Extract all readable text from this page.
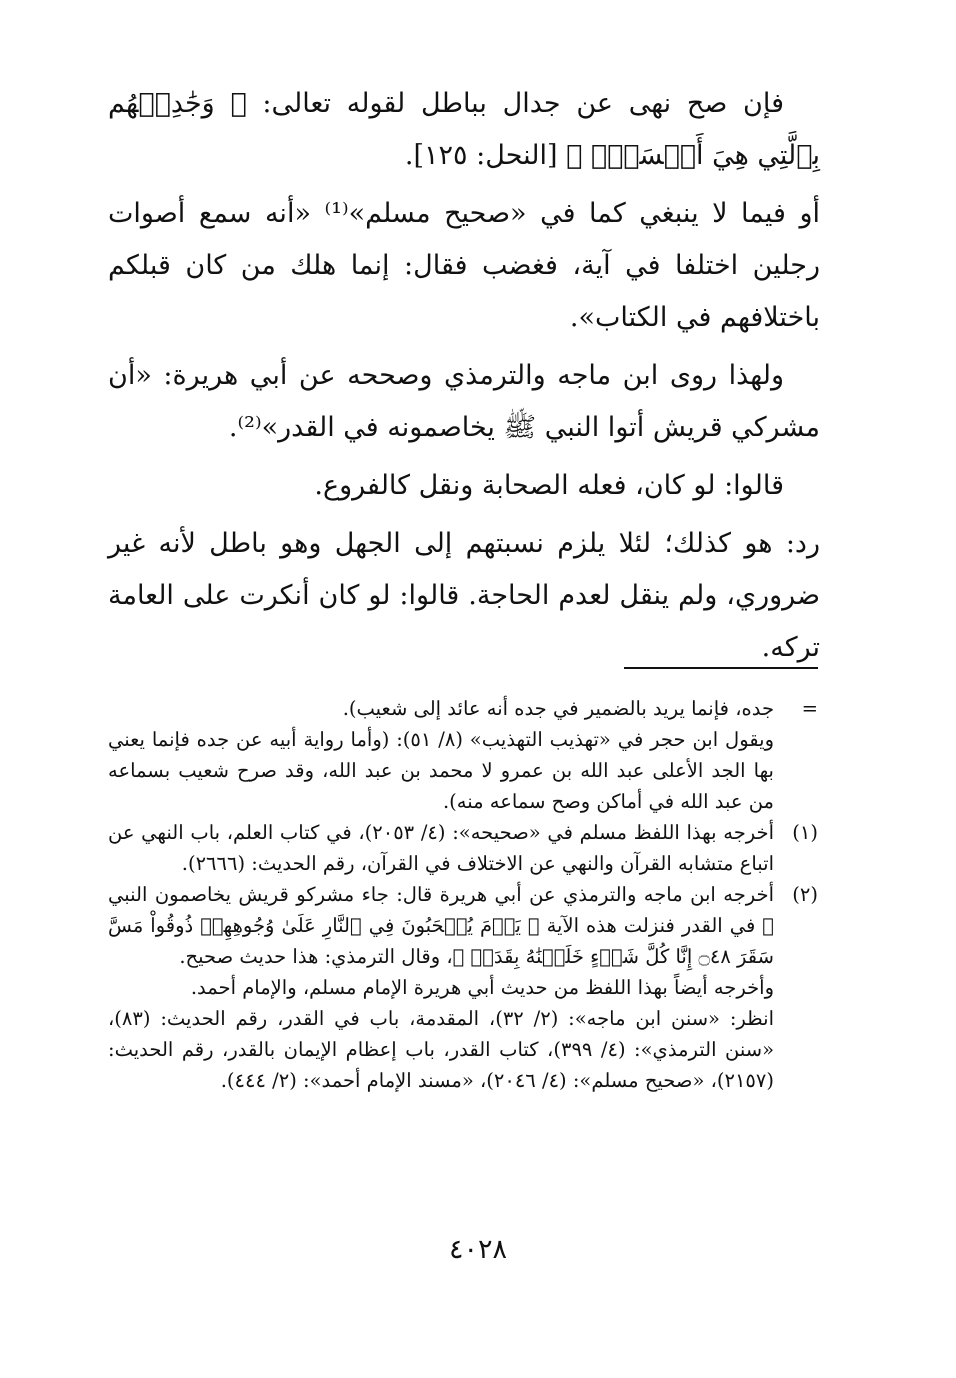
فإن صح نهى عن جدال بباطل لقوله تعالى: ﴿ وَجَٰدِلۡهُم بِٱلَّتِي هِيَ أَحۡسَنُۚ ﴾ [النحل: ١٢٥].

أو فيما لا ينبغي كما في «صحيح مسلم»⁽¹⁾ «أنه سمع أصوات رجلين اختلفا في آية، فغضب فقال: إنما هلك من كان قبلكم باختلافهم في الكتاب».

ولهذا روى ابن ماجه والترمذي وصححه عن أبي هريرة: «أن مشركي قريش أتوا النبي ﷺ يخاصمونه في القدر»⁽²⁾.

قالوا: لو كان، فعله الصحابة ونقل كالفروع.

رد: هو كذلك؛ لئلا يلزم نسبتهم إلى الجهل وهو باطل لأنه غير ضروري، ولم ينقل لعدم الحاجة. قالوا: لو كان أنكرت على العامة تركه.

=

جده، فإنما يريد بالضمير في جده أنه عائد إلى شعيب).

ويقول ابن حجر في «تهذيب التهذيب» (٨/ ٥١): (وأما رواية أبيه عن جده فإنما يعني بها الجد الأعلى عبد الله بن عمرو لا محمد بن عبد الله، وقد صرح شعيب بسماعه من عبد الله في أماكن وصح سماعه منه).

(١)

أخرجه بهذا اللفظ مسلم في «صحيحه»: (٤/ ٢٠٥٣)، في كتاب العلم، باب النهي عن اتباع متشابه القرآن والنهي عن الاختلاف في القرآن، رقم الحديث: (٢٦٦٦).

(٢)

أخرجه ابن ماجه والترمذي عن أبي هريرة قال: جاء مشركو قريش يخاصمون النبي ﷺ في القدر فنزلت هذه الآية ﴿ يَوۡمَ يُسۡحَبُونَ فِي ٱلنَّارِ عَلَىٰ وُجُوهِهِمۡ ذُوقُواْ مَسَّ سَقَرَ ۝٤٨ إِنَّا كُلَّ شَيۡءٍ خَلَقۡنَٰهُ بِقَدَرٖ ﴾، وقال الترمذي: هذا حديث صحيح.

وأخرجه أيضاً بهذا اللفظ من حديث أبي هريرة الإمام مسلم، والإمام أحمد.

انظر: «سنن ابن ماجه»: (٢/ ٣٢)، المقدمة، باب في القدر، رقم الحديث: (٨٣)، «سنن الترمذي»: (٤/ ٣٩٩)، كتاب القدر، باب إعظام الإيمان بالقدر، رقم الحديث: (٢١٥٧)، «صحيح مسلم»: (٤/ ٢٠٤٦)، «مسند الإمام أحمد»: (٢/ ٤٤٤).

٤٠٢٨
